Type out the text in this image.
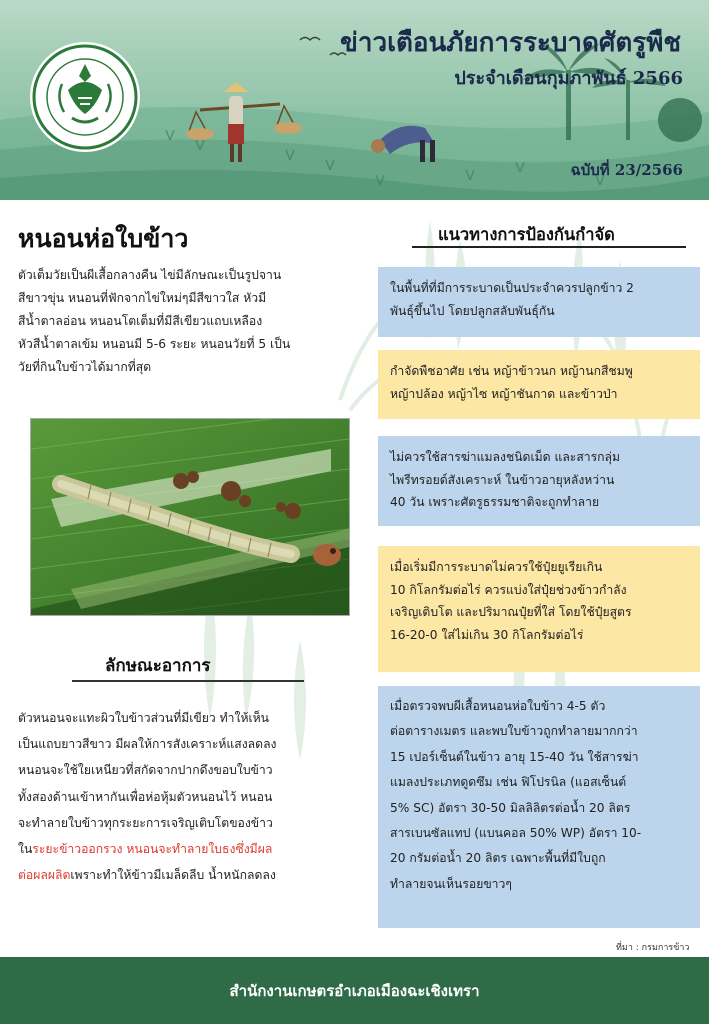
ข่าวเตือนภัยการระบาดศัตรูพืช
ประจำเดือนกุมภาพันธ์ 2566
ฉบับที่ 23/2566
หนอนห่อใบข้าว
ตัวเต็มวัยเป็นผีเสื้อกลางคืน ไข่มีลักษณะเป็นรูปจาน
สีขาวขุ่น หนอนที่ฟักจากไข่ใหม่ๆมีสีขาวใส หัวมี
สีน้ำตาลอ่อน หนอนโตเต็มที่มีสีเขียวแถบเหลือง
หัวสีน้ำตาลเข้ม หนอนมี 5-6 ระยะ หนอนวัยที่ 5 เป็น
วัยที่กินใบข้าวได้มากที่สุด
ลักษณะอาการ
ตัวหนอนจะแทะผิวใบข้าวส่วนที่มีเขียว ทำให้เห็น
เป็นแถบยาวสีขาว มีผลให้การสังเคราะห์แสงลดลง
หนอนจะใช้ใยเหนียวที่สกัดจากปากดึงขอบใบข้าว
ทั้งสองด้านเข้าหากันเพื่อห่อหุ้มตัวหนอนไว้ หนอน
จะทำลายใบข้าวทุกระยะการเจริญเติบโตของข้าว
ในระยะข้าวออกรวง หนอนจะทำลายใบธงซึ่งมีผล
ต่อผลผลิตเพราะทำให้ข้าวมีเมล็ดลีบ น้ำหนักลดลง
แนวทางการป้องกันกำจัด
ในพื้นที่ที่มีการระบาดเป็นประจำควรปลูกข้าว 2
พันธุ์ขึ้นไป โดยปลูกสลับพันธุ์กัน
กำจัดพืชอาศัย เช่น หญ้าข้าวนก หญ้านกสีชมพู
หญ้าปล้อง หญ้าไซ หญ้าชันกาด และข้าวป่า
ไม่ควรใช้สารฆ่าแมลงชนิดเม็ด และสารกลุ่ม
ไพรีทรอยด์สังเคราะห์ ในข้าวอายุหลังหว่าน
40 วัน เพราะศัตรูธรรมชาติจะถูกทำลาย
เมื่อเริ่มมีการระบาดไม่ควรใช้ปุ๋ยยูเรียเกิน
10 กิโลกรัมต่อไร่ ควรแบ่งใส่ปุ๋ยช่วงข้าวกำลัง
เจริญเติบโต และปริมาณปุ๋ยที่ใส่ โดยใช้ปุ๋ยสูตร
16-20-0 ใส่ไม่เกิน 30 กิโลกรัมต่อไร่
เมื่อตรวจพบผีเสื้อหนอนห่อใบข้าว 4-5 ตัว
ต่อตารางเมตร และพบใบข้าวถูกทำลายมากกว่า
15 เปอร์เซ็นต์ในข้าว อายุ 15-40 วัน ใช้สารฆ่า
แมลงประเภทดูดซึม เช่น ฟิโปรนิล (แอสเซ็นต์
5% SC) อัตรา 30-50 มิลลิลิตรต่อน้ำ 20 ลิตร
สารเบนซัลแทป (แบนคอล 50% WP) อัตรา 10-
20 กรัมต่อน้ำ 20 ลิตร เฉพาะพื้นที่มีใบถูก
ทำลายจนเห็นรอยขาวๆ
ที่มา : กรมการข้าว
สำนักงานเกษตรอำเภอเมืองฉะเชิงเทรา
